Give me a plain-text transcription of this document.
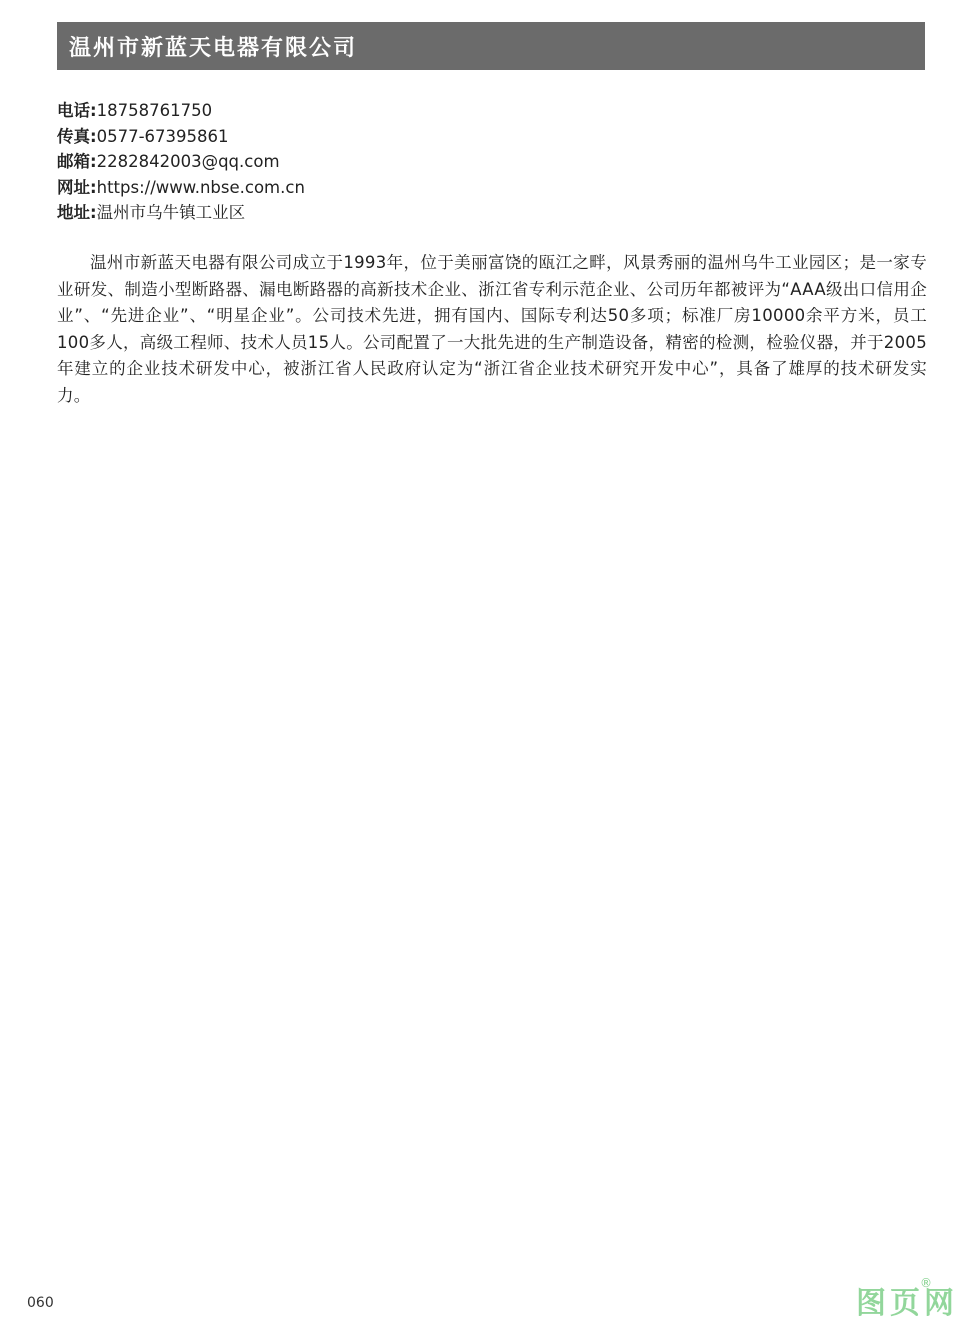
温州市新蓝天电器有限公司
电话:18758761750
传真:0577-67395861
邮箱:2282842003@qq.com
网址:https://www.nbse.com.cn
地址:温州市乌牛镇工业区

温州市新蓝天电器有限公司成立于1993年，位于美丽富饶的瓯江之畔，风景秀丽的温州乌牛工业园区；是一家专业研发、制造小型断路器、漏电断路器的高新技术企业、浙江省专利示范企业、公司历年都被评为“AAA级出口信用企业”、“先进企业”、“明星企业”。公司技术先进，拥有国内、国际专利达50多项；标准厂房10000余平方米，员工100多人，高级工程师、技术人员15人。公司配置了一大批先进的生产制造设备，精密的检测，检验仪器，并于2005年建立的企业技术研发中心，被浙江省人民政府认定为“浙江省企业技术研究开发中心”，具备了雄厚的技术研发实力。

060	图页网
®
